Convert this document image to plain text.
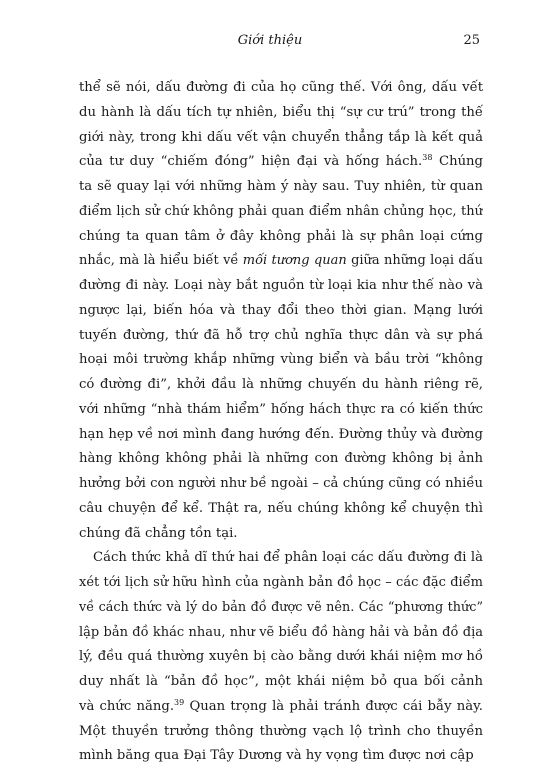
Giới thiệu	25
thể sẽ nói, dấu đường đi của họ cũng thế. Với ông, dấu vết
du hành là dấu tích tự nhiên, biểu thị “sự cư trú” trong thế
giới này, trong khi dấu vết vận chuyển thẳng tắp là kết quả
của tư duy “chiếm đóng” hiện đại và hống hách.$^{38}$ Chúng
ta sẽ quay lại với những hàm ý này sau. Tuy nhiên, từ quan
điểm lịch sử chứ không phải quan điểm nhân chủng học, thứ
chúng ta quan tâm ở đây không phải là sự phân loại cứng
nhắc, mà là hiểu biết về mối tương quan giữa những loại dấu
đường đi này. Loại này bắt nguồn từ loại kia như thế nào và
ngược lại, biến hóa và thay đổi theo thời gian. Mạng lưới
tuyến đường, thứ đã hỗ trợ chủ nghĩa thực dân và sự phá
hoại môi trường khắp những vùng biển và bầu trời “không
có đường đi”, khởi đầu là những chuyến du hành riêng rẽ,
với những “nhà thám hiểm” hống hách thực ra có kiến thức
hạn hẹp về nơi mình đang hướng đến. Đường thủy và đường
hàng không không phải là những con đường không bị ảnh
hưởng bởi con người như bề ngoài – cả chúng cũng có nhiều
câu chuyện để kể. Thật ra, nếu chúng không kể chuyện thì
chúng đã chẳng tồn tại.
Cách thức khả dĩ thứ hai để phân loại các dấu đường đi là
xét tới lịch sử hữu hình của ngành bản đồ học – các đặc điểm
về cách thức và lý do bản đồ được vẽ nên. Các “phương thức”
lập bản đồ khác nhau, như vẽ biểu đồ hàng hải và bản đồ địa
lý, đều quá thường xuyên bị cào bằng dưới khái niệm mơ hồ
duy nhất là “bản đồ học”, một khái niệm bỏ qua bối cảnh
và chức năng.$^{39}$ Quan trọng là phải tránh được cái bẫy này.
Một thuyền trưởng thông thường vạch lộ trình cho thuyền
mình băng qua Đại Tây Dương và hy vọng tìm được nơi cập
